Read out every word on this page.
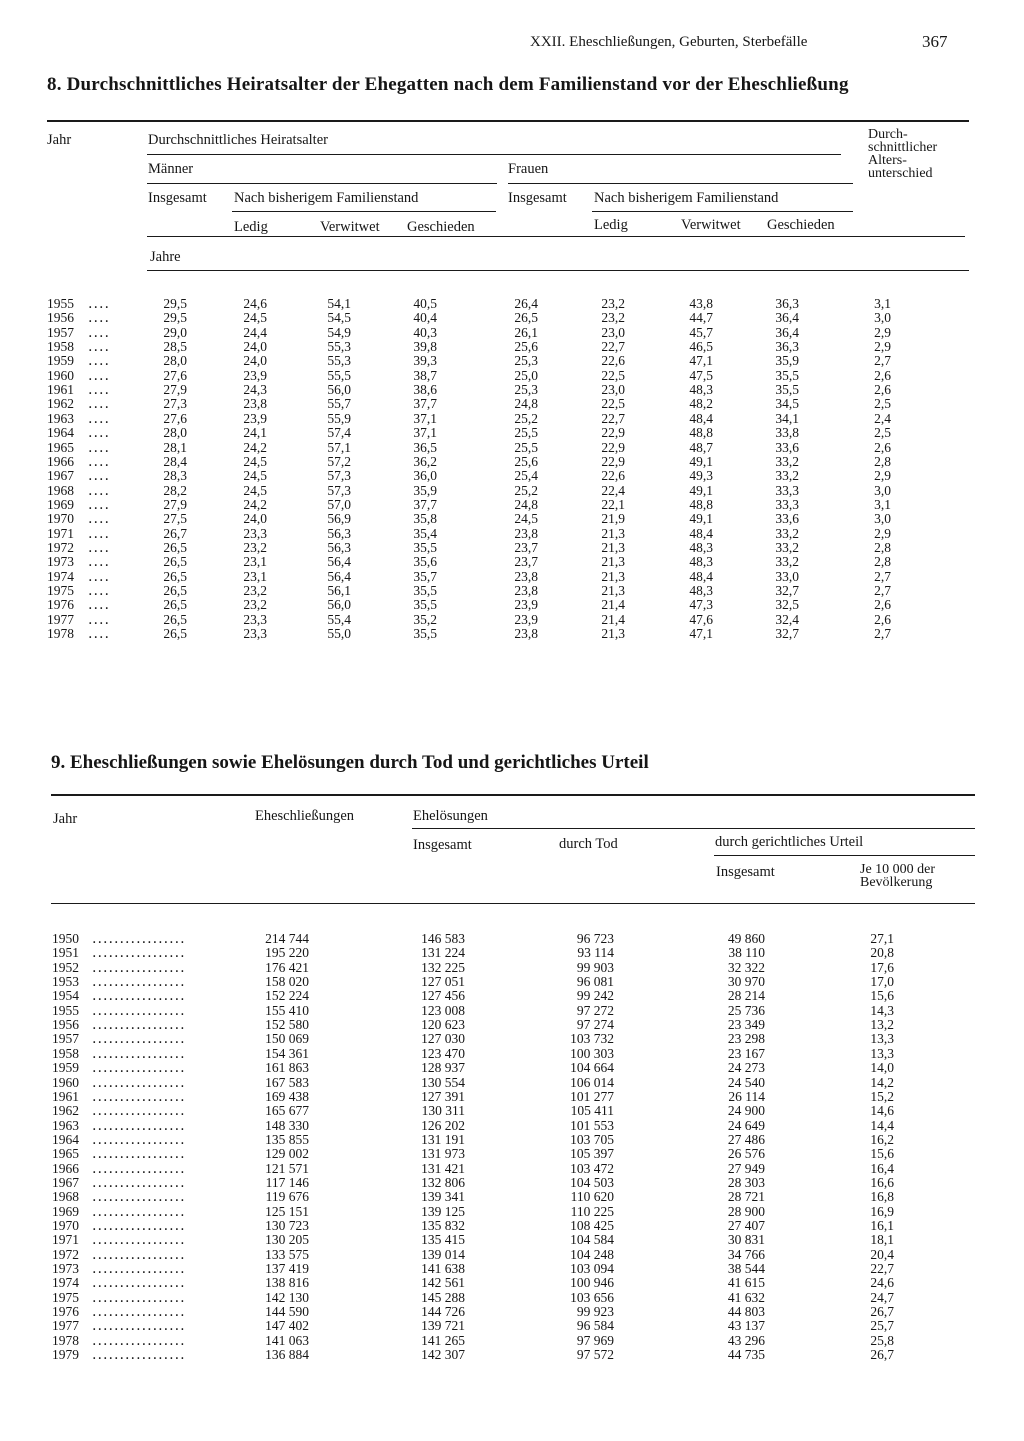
XXII. Eheschließungen, Geburten, Sterbefälle	367
8. Durchschnittliches Heiratsalter der Ehegatten nach dem Familienstand vor der Eheschließung
Jahr	Durchschnittliches Heiratsalter
Männer	Frauen
Insgesamt Nach bisherigem Familienstand	Insgesamt Nach bisherigem Familienstand
Ledig	Verwitwet Geschieden	Ledig	Verwitwet Geschieden
Durch-
schnittlicher
Alters-
unterschied
Jahre
1955	29,5	24,6	54,1	40,5	26,4	23,2	43,8	36,3	3,1
․․․․
1956	29,5	24,5	54,5	40,4	26,5	23,2	44,7	36,4	3,0
․․․․
1957	29,0	24,4	54,9	40,3	26,1	23,0	45,7	36,4	2,9
․․․․
1958	28,5	24,0	55,3	39,8	25,6	22,7	46,5	36,3	2,9
․․․․
1959	28,0	24,0	55,3	39,3	25,3	22,6	47,1	35,9	2,7
․․․․
1960	27,6	23,9	55,5	38,7	25,0	22,5	47,5	35,5	2,6
․․․․
1961	27,9	24,3	56,0	38,6	25,3	23,0	48,3	35,5	2,6
․․․․
1962	27,3	23,8	55,7	37,7	24,8	22,5	48,2	34,5	2,5
․․․․
1963	27,6	23,9	55,9	37,1	25,2	22,7	48,4	34,1	2,4
․․․․
1964	28,0	24,1	57,4	37,1	25,5	22,9	48,8	33,8	2,5
․․․․
1965	28,1	24,2	57,1	36,5	25,5	22,9	48,7	33,6	2,6
․․․․
1966	28,4	24,5	57,2	36,2	25,6	22,9	49,1	33,2	2,8
․․․․
1967	28,3	24,5	57,3	36,0	25,4	22,6	49,3	33,2	2,9
․․․․
1968	28,2	24,5	57,3	35,9	25,2	22,4	49,1	33,3	3,0
․․․․
1969	27,9	24,2	57,0	37,7	24,8	22,1	48,8	33,3	3,1
․․․․
1970	27,5	24,0	56,9	35,8	24,5	21,9	49,1	33,6	3,0
․․․․
1971	26,7	23,3	56,3	35,4	23,8	21,3	48,4	33,2	2,9
․․․․
1972	26,5	23,2	56,3	35,5	23,7	21,3	48,3	33,2	2,8
․․․․
1973	26,5	23,1	56,4	35,6	23,7	21,3	48,3	33,2	2,8
․․․․
1974	26,5	23,1	56,4	35,7	23,8	21,3	48,4	33,0	2,7
․․․․
1975	26,5	23,2	56,1	35,5	23,8	21,3	48,3	32,7	2,7
․․․․
1976	26,5	23,2	56,0	35,5	23,9	21,4	47,3	32,5	2,6
․․․․
1977	26,5	23,3	55,4	35,2	23,9	21,4	47,6	32,4	2,6
․․․․
1978	26,5	23,3	55,0	35,5	23,8	21,3	47,1	32,7	2,7
․․․․
9. Eheschließungen sowie Ehelösungen durch Tod und gerichtliches Urteil
Jahr	Eheschließungen	Ehelösungen
Insgesamt	durch Tod	durch gerichtliches Urteil
Insgesamt	Je 10 000 der
Bevölkerung
1950	214 744	146 583	96 723	49 860	27,1
․․․․․․․․․․․․․․․․․
1951	195 220	131 224	93 114	38 110	20,8
․․․․․․․․․․․․․․․․․
1952	176 421	132 225	99 903	32 322	17,6
․․․․․․․․․․․․․․․․․
1953	158 020	127 051	96 081	30 970	17,0
․․․․․․․․․․․․․․․․․
1954	152 224	127 456	99 242	28 214	15,6
․․․․․․․․․․․․․․․․․
1955	155 410	123 008	97 272	25 736	14,3
․․․․․․․․․․․․․․․․․
1956	152 580	120 623	97 274	23 349	13,2
․․․․․․․․․․․․․․․․․
1957	150 069	127 030	103 732	23 298	13,3
․․․․․․․․․․․․․․․․․
1958	154 361	123 470	100 303	23 167	13,3
․․․․․․․․․․․․․․․․․
1959	161 863	128 937	104 664	24 273	14,0
․․․․․․․․․․․․․․․․․
1960	167 583	130 554	106 014	24 540	14,2
․․․․․․․․․․․․․․․․․
1961	169 438	127 391	101 277	26 114	15,2
․․․․․․․․․․․․․․․․․
1962	165 677	130 311	105 411	24 900	14,6
․․․․․․․․․․․․․․․․․
1963	148 330	126 202	101 553	24 649	14,4
․․․․․․․․․․․․․․․․․
1964	135 855	131 191	103 705	27 486	16,2
․․․․․․․․․․․․․․․․․
1965	129 002	131 973	105 397	26 576	15,6
․․․․․․․․․․․․․․․․․
1966	121 571	131 421	103 472	27 949	16,4
․․․․․․․․․․․․․․․․․
1967	117 146	132 806	104 503	28 303	16,6
․․․․․․․․․․․․․․․․․
1968	119 676	139 341	110 620	28 721	16,8
․․․․․․․․․․․․․․․․․
1969	125 151	139 125	110 225	28 900	16,9
․․․․․․․․․․․․․․․․․
1970	130 723	135 832	108 425	27 407	16,1
․․․․․․․․․․․․․․․․․
1971	130 205	135 415	104 584	30 831	18,1
․․․․․․․․․․․․․․․․․
1972	133 575	139 014	104 248	34 766	20,4
․․․․․․․․․․․․․․․․․
1973	137 419	141 638	103 094	38 544	22,7
․․․․․․․․․․․․․․․․․
1974	138 816	142 561	100 946	41 615	24,6
․․․․․․․․․․․․․․․․․
1975	142 130	145 288	103 656	41 632	24,7
․․․․․․․․․․․․․․․․․
1976	144 590	144 726	99 923	44 803	26,7
․․․․․․․․․․․․․․․․․
1977	147 402	139 721	96 584	43 137	25,7
․․․․․․․․․․․․․․․․․
1978	141 063	141 265	97 969	43 296	25,8
․․․․․․․․․․․․․․․․․
1979	136 884	142 307	97 572	44 735	26,7
․․․․․․․․․․․․․․․․․
